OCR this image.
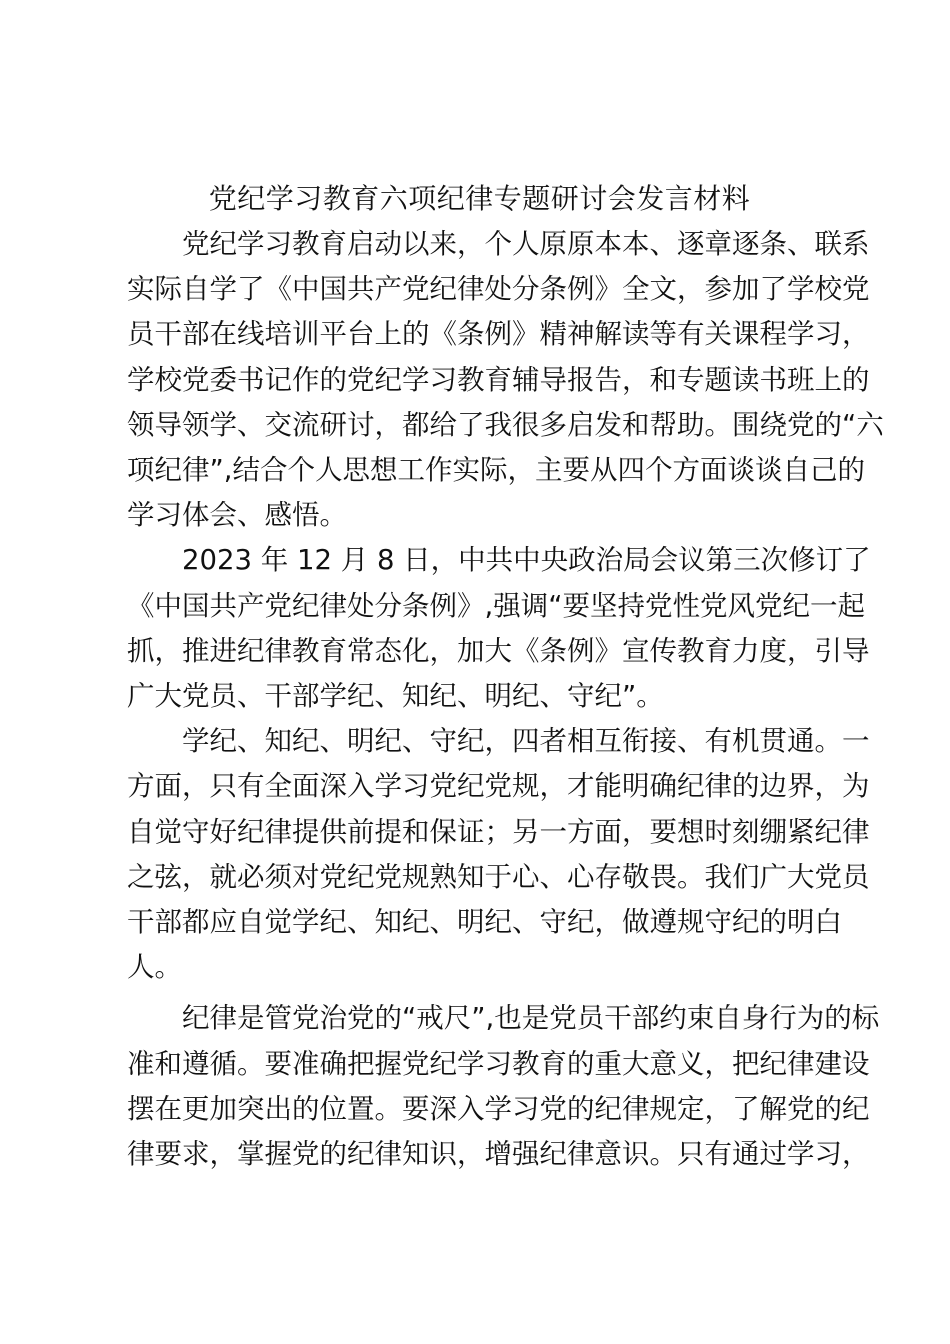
党纪学习教育六项纪律专题研讨会发言材料

党纪学习教育启动以来，个人原原本本、逐章逐条、联系
实际自学了《中国共产党纪律处分条例》全文，参加了学校党
员干部在线培训平台上的《条例》精神解读等有关课程学习，
学校党委书记作的党纪学习教育辅导报告，和专题读书班上的
领导领学、交流研讨，都给了我很多启发和帮助。围绕党的“六
项纪律”,结合个人思想工作实际，主要从四个方面谈谈自己的
学习体会、感悟。

2023 年 12 月 8 日，中共中央政治局会议第三次修订了
《中国共产党纪律处分条例》,强调“要坚持党性党风党纪一起
抓，推进纪律教育常态化，加大《条例》宣传教育力度，引导
广大党员、干部学纪、知纪、明纪、守纪”。

学纪、知纪、明纪、守纪，四者相互衔接、有机贯通。一
方面，只有全面深入学习党纪党规，才能明确纪律的边界，为
自觉守好纪律提供前提和保证；另一方面，要想时刻绷紧纪律
之弦，就必须对党纪党规熟知于心、心存敬畏。我们广大党员
干部都应自觉学纪、知纪、明纪、守纪，做遵规守纪的明白
人。

纪律是管党治党的“戒尺”,也是党员干部约束自身行为的标
准和遵循。要准确把握党纪学习教育的重大意义，把纪律建设
摆在更加突出的位置。要深入学习党的纪律规定，了解党的纪
律要求，掌握党的纪律知识，增强纪律意识。只有通过学习，
